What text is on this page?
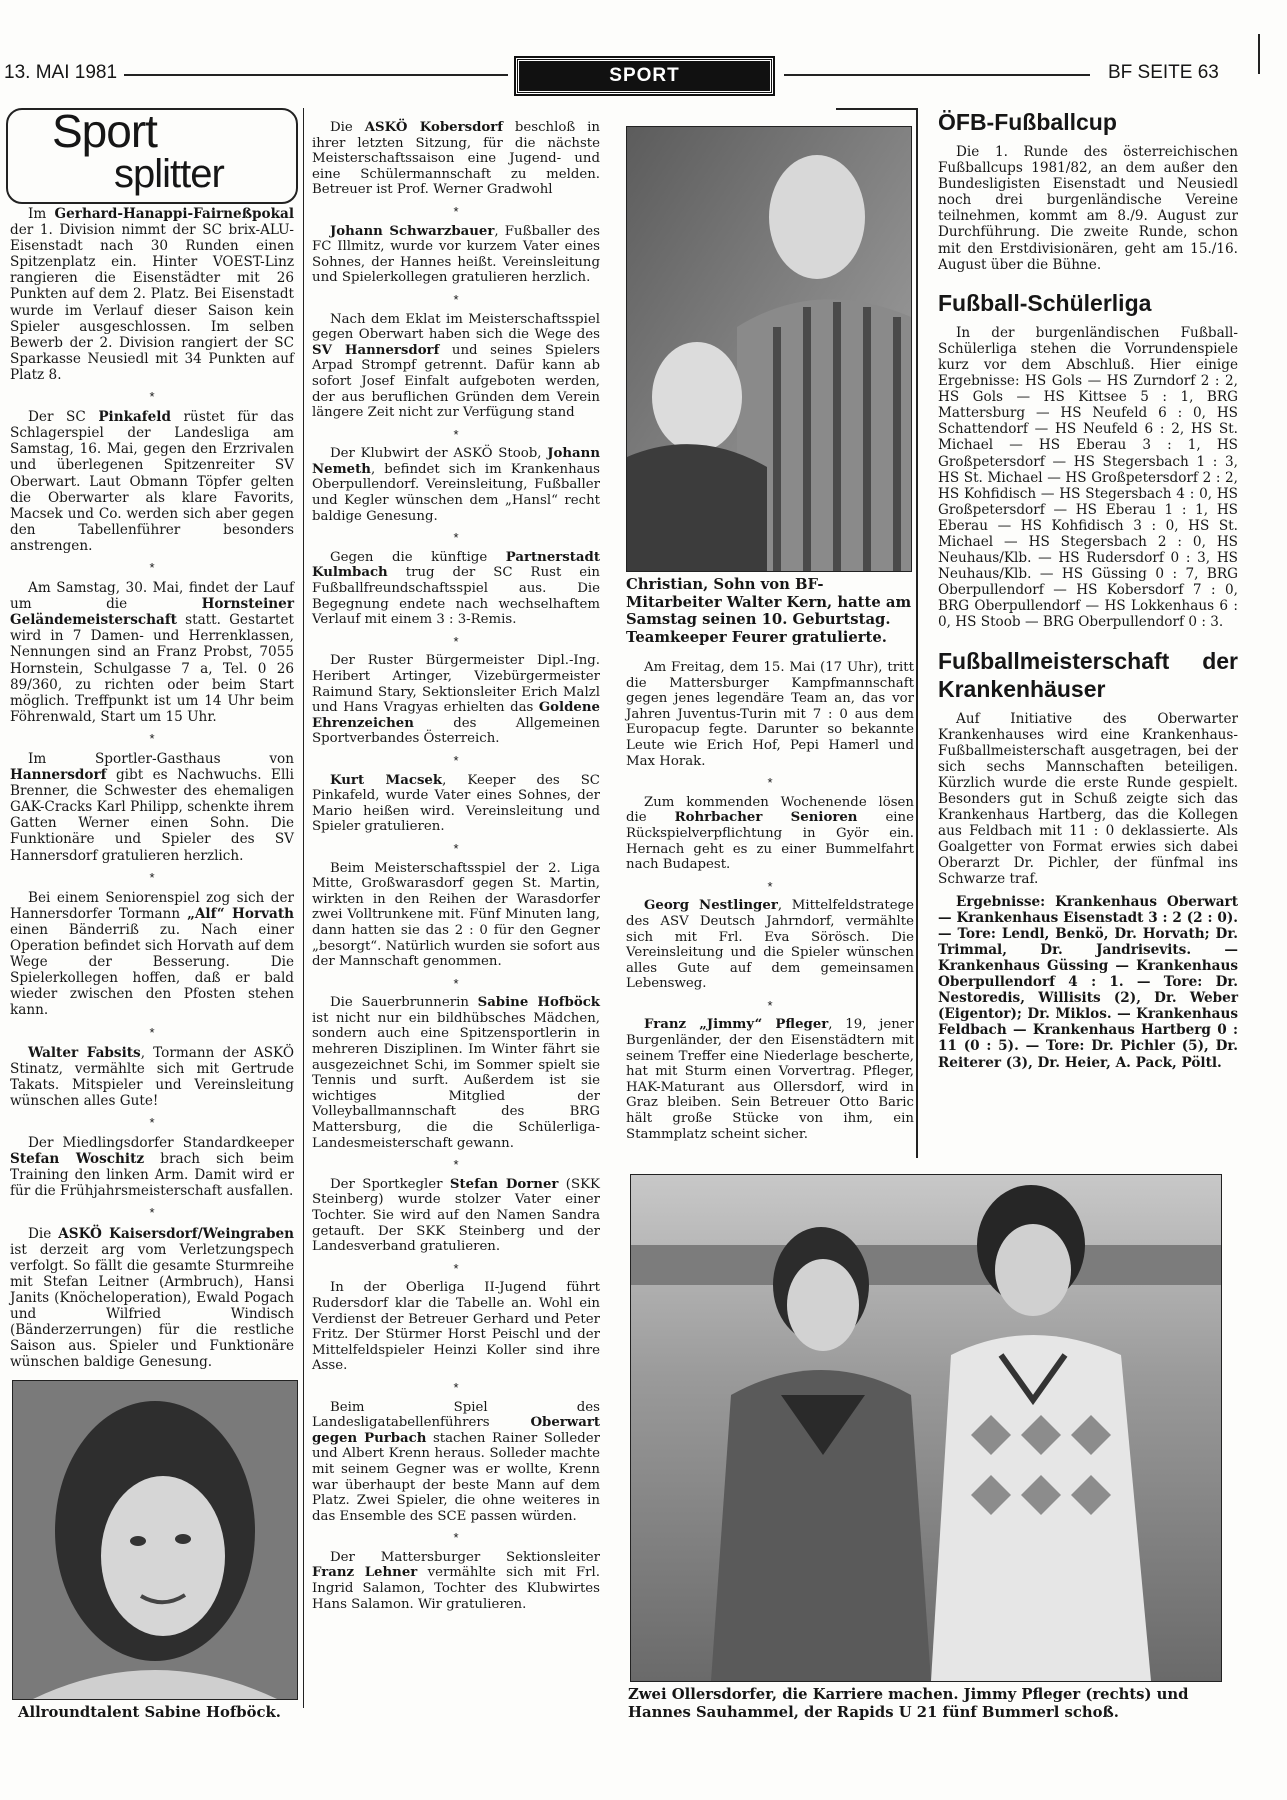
13. MAI 1981	SPORT	BF SEITE 63
Sport
splitter

Im Gerhard-Hanappi-Fairneßpokal der 1. Division nimmt der SC brix-ALU-Eisenstadt nach 30 Runden einen Spitzenplatz ein. Hinter VOEST-Linz rangieren die Eisenstädter mit 26 Punkten auf dem 2. Platz. Bei Eisenstadt wurde im Verlauf dieser Saison kein Spieler ausgeschlossen. Im selben Bewerb der 2. Division rangiert der SC Sparkasse Neusiedl mit 34 Punkten auf Platz 8.

*

Der SC Pinkafeld rüstet für das Schlagerspiel der Landesliga am Samstag, 16. Mai, gegen den Erzrivalen und überlegenen Spitzenreiter SV Oberwart. Laut Obmann Töpfer gelten die Oberwarter als klare Favorits, Macsek und Co. werden sich aber gegen den Tabellenführer besonders anstrengen.

*

Am Samstag, 30. Mai, findet der Lauf um die Hornsteiner Geländemeisterschaft statt. Gestartet wird in 7 Damen- und Herrenklassen, Nennungen sind an Franz Probst, 7055 Hornstein, Schulgasse 7 a, Tel. 0 26 89/360, zu richten oder beim Start möglich. Treffpunkt ist um 14 Uhr beim Föhrenwald, Start um 15 Uhr.

*

Im Sportler-Gasthaus von Hannersdorf gibt es Nachwuchs. Elli Brenner, die Schwester des ehemaligen GAK-Cracks Karl Philipp, schenkte ihrem Gatten Werner einen Sohn. Die Funktionäre und Spieler des SV Hannersdorf gratulieren herzlich.

*

Bei einem Seniorenspiel zog sich der Hannersdorfer Tormann „Alf“ Horvath einen Bänderriß zu. Nach einer Operation befindet sich Horvath auf dem Wege der Besserung. Die Spielerkollegen hoffen, daß er bald wieder zwischen den Pfosten stehen kann.

*

Walter Fabsits, Tormann der ASKÖ Stinatz, vermählte sich mit Gertrude Takats. Mitspieler und Vereinsleitung wünschen alles Gute!

*

Der Miedlingsdorfer Standardkeeper Stefan Woschitz brach sich beim Training den linken Arm. Damit wird er für die Frühjahrsmeisterschaft ausfallen.

*

Die ASKÖ Kaisersdorf/Weingraben ist derzeit arg vom Verletzungspech verfolgt. So fällt die gesamte Sturmreihe mit Stefan Leitner (Armbruch), Hansi Janits (Knöcheloperation), Ewald Pogach und Wilfried Windisch (Bänderzerrungen) für die restliche Saison aus. Spieler und Funktionäre wünschen baldige Genesung.

Die ASKÖ Kobersdorf beschloß in ihrer letzten Sitzung, für die nächste Meisterschaftssaison eine Jugend- und eine Schülermannschaft zu melden. Betreuer ist Prof. Werner Gradwohl

*

Johann Schwarzbauer, Fußballer des FC Illmitz, wurde vor kurzem Vater eines Sohnes, der Hannes heißt. Vereinsleitung und Spielerkollegen gratulieren herzlich.

*

Nach dem Eklat im Meisterschaftsspiel gegen Oberwart haben sich die Wege des SV Hannersdorf und seines Spielers Arpad Strompf getrennt. Dafür kann ab sofort Josef Einfalt aufgeboten werden, der aus beruflichen Gründen dem Verein längere Zeit nicht zur Verfügung stand

*

Der Klubwirt der ASKÖ Stoob, Johann Nemeth, befindet sich im Krankenhaus Oberpullendorf. Vereinsleitung, Fußballer und Kegler wünschen dem „Hansl“ recht baldige Genesung.

*

Gegen die künftige Partnerstadt Kulmbach trug der SC Rust ein Fußballfreundschaftsspiel aus. Die Begegnung endete nach wechselhaftem Verlauf mit einem 3 : 3-Remis.

*

Der Ruster Bürgermeister Dipl.-Ing. Heribert Artinger, Vizebürgermeister Raimund Stary, Sektionsleiter Erich Malzl und Hans Vragyas erhielten das Goldene Ehrenzeichen des Allgemeinen Sportverbandes Österreich.

*

Kurt Macsek, Keeper des SC Pinkafeld, wurde Vater eines Sohnes, der Mario heißen wird. Vereinsleitung und Spieler gratulieren.

*

Beim Meisterschaftsspiel der 2. Liga Mitte, Großwarasdorf gegen St. Martin, wirkten in den Reihen der Warasdorfer zwei Volltrunkene mit. Fünf Minuten lang, dann hatten sie das 2 : 0 für den Gegner „besorgt“. Natürlich wurden sie sofort aus der Mannschaft genommen.

*

Die Sauerbrunnerin Sabine Hofböck ist nicht nur ein bildhübsches Mädchen, sondern auch eine Spitzensportlerin in mehreren Disziplinen. Im Winter fährt sie ausgezeichnet Schi, im Sommer spielt sie Tennis und surft. Außerdem ist sie wichtiges Mitglied der Volleyballmannschaft des BRG Mattersburg, die die Schülerliga-Landesmeisterschaft gewann.

*

Der Sportkegler Stefan Dorner (SKK Steinberg) wurde stolzer Vater einer Tochter. Sie wird auf den Namen Sandra getauft. Der SKK Steinberg und der Landesverband gratulieren.

*

In der Oberliga II-Jugend führt Rudersdorf klar die Tabelle an. Wohl ein Verdienst der Betreuer Gerhard und Peter Fritz. Der Stürmer Horst Peischl und der Mittelfeldspieler Heinzi Koller sind ihre Asse.

*

Beim Spiel des Landesligatabellenführers Oberwart gegen Purbach stachen Rainer Solleder und Albert Krenn heraus. Solleder machte mit seinem Gegner was er wollte, Krenn war überhaupt der beste Mann auf dem Platz. Zwei Spieler, die ohne weiteres in das Ensemble des SCE passen würden.

*

Der Mattersburger Sektionsleiter Franz Lehner vermählte sich mit Frl. Ingrid Salamon, Tochter des Klubwirtes Hans Salamon. Wir gratulieren.

Christian, Sohn von BF-Mitarbeiter Walter Kern, hatte am Samstag seinen 10. Geburtstag. Teamkeeper Feurer gratulierte.

Am Freitag, dem 15. Mai (17 Uhr), tritt die Mattersburger Kampfmannschaft gegen jenes legendäre Team an, das vor Jahren Juventus-Turin mit 7 : 0 aus dem Europacup fegte. Darunter so bekannte Leute wie Erich Hof, Pepi Hamerl und Max Horak.

*

Zum kommenden Wochenende lösen die Rohrbacher Senioren eine Rückspielverpflichtung in Györ ein. Hernach geht es zu einer Bummelfahrt nach Budapest.

*

Georg Nestlinger, Mittelfeldstratege des ASV Deutsch Jahrndorf, vermählte sich mit Frl. Eva Sörösch. Die Vereinsleitung und die Spieler wünschen alles Gute auf dem gemeinsamen Lebensweg.

*

Franz „Jimmy“ Pfleger, 19, jener Burgenländer, der den Eisenstädtern mit seinem Treffer eine Niederlage bescherte, hat mit Sturm einen Vorvertrag. Pfleger, HAK-Maturant aus Ollersdorf, wird in Graz bleiben. Sein Betreuer Otto Baric hält große Stücke von ihm, ein Stammplatz scheint sicher.

ÖFB-Fußballcup

Die 1. Runde des österreichischen Fußballcups 1981/82, an dem außer den Bundesligisten Eisenstadt und Neusiedl noch drei burgenländische Vereine teilnehmen, kommt am 8./9. August zur Durchführung. Die zweite Runde, schon mit den Erstdivisionären, geht am 15./16. August über die Bühne.

Fußball-Schülerliga

In der burgenländischen Fußball-Schülerliga stehen die Vorrundenspiele kurz vor dem Abschluß. Hier einige Ergebnisse: HS Gols — HS Zurndorf 2 : 2, HS Gols — HS Kittsee 5 : 1, BRG Mattersburg — HS Neufeld 6 : 0, HS Schattendorf — HS Neufeld 6 : 2, HS St. Michael — HS Eberau 3 : 1, HS Großpetersdorf — HS Stegersbach 1 : 3, HS St. Michael — HS Großpetersdorf 2 : 2, HS Kohfidisch — HS Stegersbach 4 : 0, HS Großpetersdorf — HS Eberau 1 : 1, HS Eberau — HS Kohfidisch 3 : 0, HS St. Michael — HS Stegersbach 2 : 0, HS Neuhaus/Klb. — HS Rudersdorf 0 : 3, HS Neuhaus/Klb. — HS Güssing 0 : 7, BRG Oberpullendorf — HS Kobersdorf 7 : 0, BRG Oberpullendorf — HS Lokkenhaus 6 : 0, HS Stoob — BRG Oberpullendorf 0 : 3.

Fußballmeisterschaft der Krankenhäuser

Auf Initiative des Oberwarter Krankenhauses wird eine Krankenhaus-Fußballmeisterschaft ausgetragen, bei der sich sechs Mannschaften beteiligen. Kürzlich wurde die erste Runde gespielt. Besonders gut in Schuß zeigte sich das Krankenhaus Hartberg, das die Kollegen aus Feldbach mit 11 : 0 deklassierte. Als Goalgetter von Format erwies sich dabei Oberarzt Dr. Pichler, der fünfmal ins Schwarze traf.

Ergebnisse: Krankenhaus Oberwart — Krankenhaus Eisenstadt 3 : 2 (2 : 0). — Tore: Lendl, Benkö, Dr. Horvath; Dr. Trimmal, Dr. Jandrisevits. — Krankenhaus Güssing — Krankenhaus Oberpullendorf 4 : 1. — Tore: Dr. Nestoredis, Willisits (2), Dr. Weber (Eigentor); Dr. Miklos. — Krankenhaus Feldbach — Krankenhaus Hartberg 0 : 11 (0 : 5). — Tore: Dr. Pichler (5), Dr. Reiterer (3), Dr. Heier, A. Pack, Pöltl.

Allroundtalent Sabine Hofböck.
Zwei Ollersdorfer, die Karriere machen. Jimmy Pfleger (rechts) und Hannes Sauhammel, der Rapids U 21 fünf Bummerl schoß.
